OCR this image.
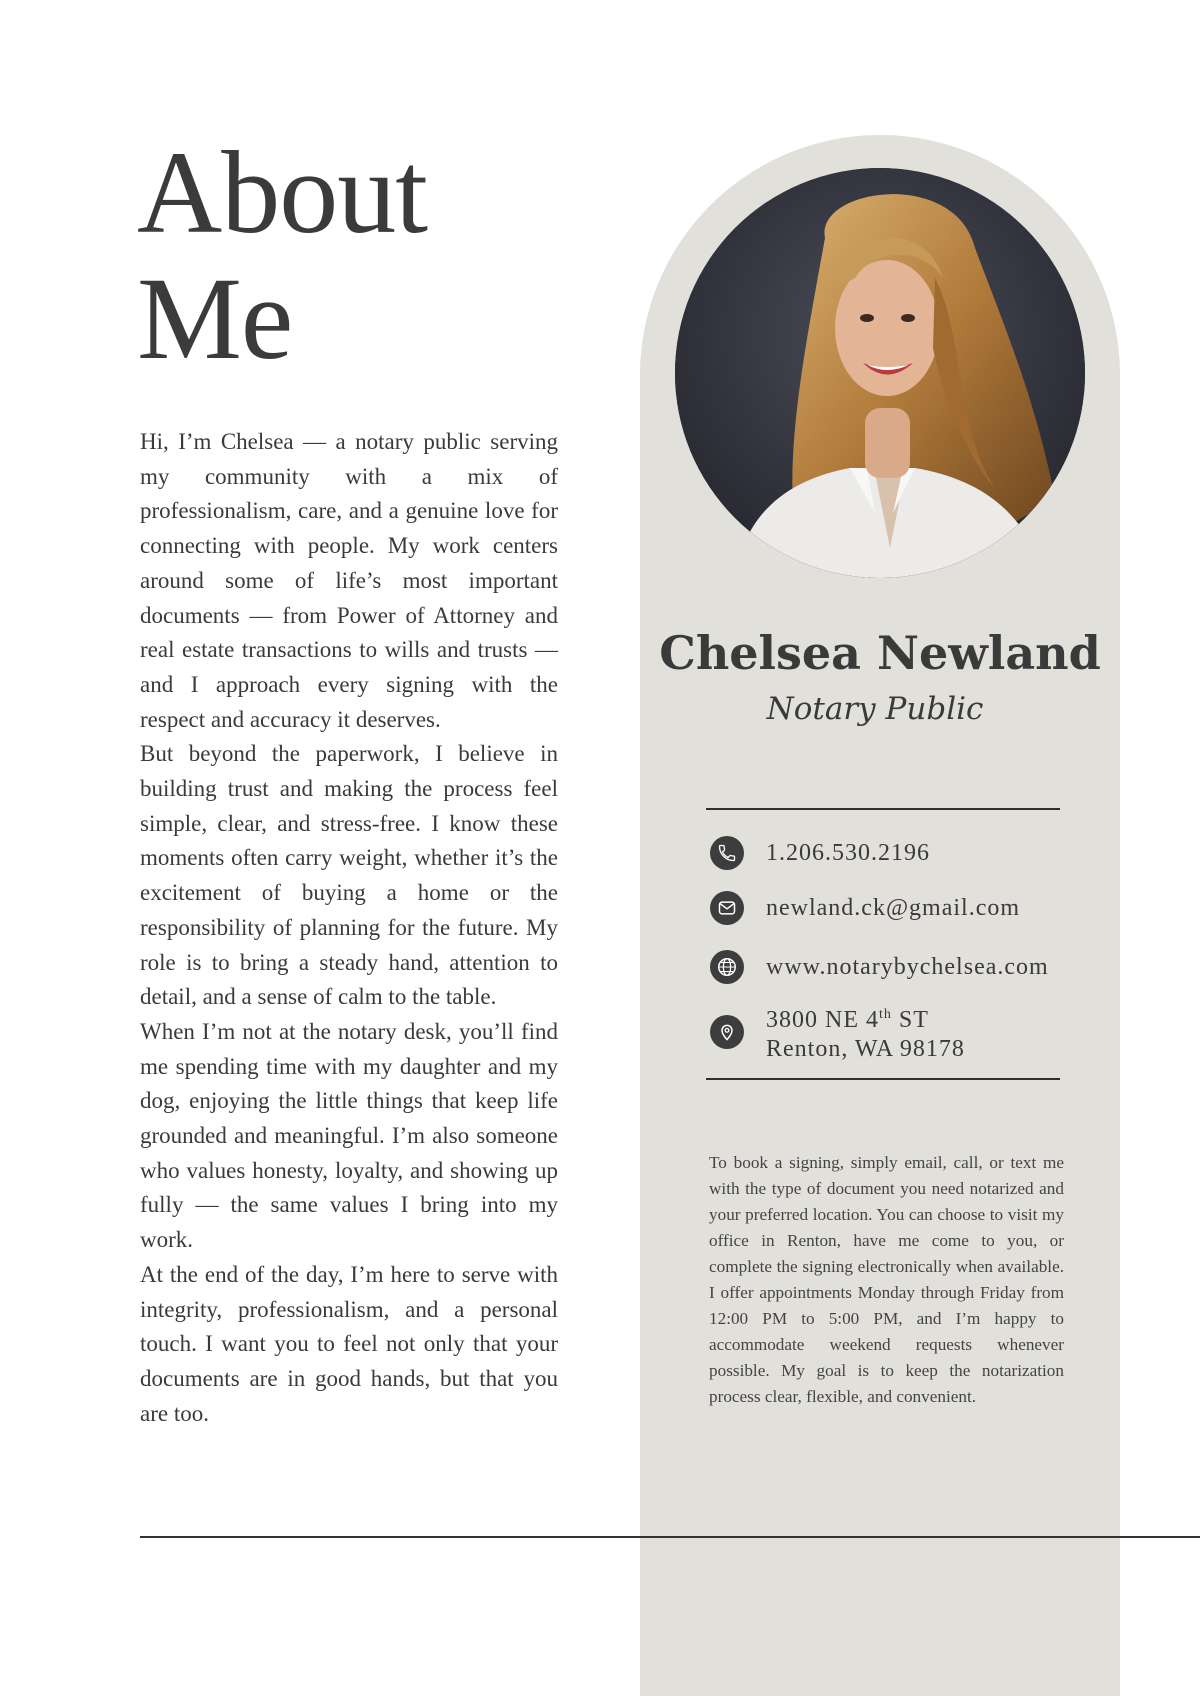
About
Me

Hi, I’m Chelsea — a notary public serving my community with a mix of professionalism, care, and a genuine love for connecting with people. My work centers around some of life’s most important documents — from Power of Attorney and real estate transactions to wills and trusts — and I approach every signing with the respect and accuracy it deserves.

But beyond the paperwork, I believe in building trust and making the process feel simple, clear, and stress-free. I know these moments often carry weight, whether it’s the excitement of buying a home or the responsibility of planning for the future. My role is to bring a steady hand, attention to detail, and a sense of calm to the table.

When I’m not at the notary desk, you’ll find me spending time with my daughter and my dog, enjoying the little things that keep life grounded and meaningful. I’m also someone who values honesty, loyalty, and showing up fully — the same values I bring into my work.

At the end of the day, I’m here to serve with integrity, professionalism, and a personal touch. I want you to feel not only that your documents are in good hands, but that you are too.

Chelsea Newland
Notary Public
1.206.530.2196
newland.ck@gmail.com
www.notarybychelsea.com
3800 NE 4th ST
Renton, WA 98178

To book a signing, simply email, call, or text me with the type of document you need notarized and your preferred location. You can choose to visit my office in Renton, have me come to you, or complete the signing electronically when available. I offer appointments Monday through Friday from 12:00 PM to 5:00 PM, and I’m happy to accommodate weekend requests whenever possible. My goal is to keep the notarization process clear, flexible, and convenient.
